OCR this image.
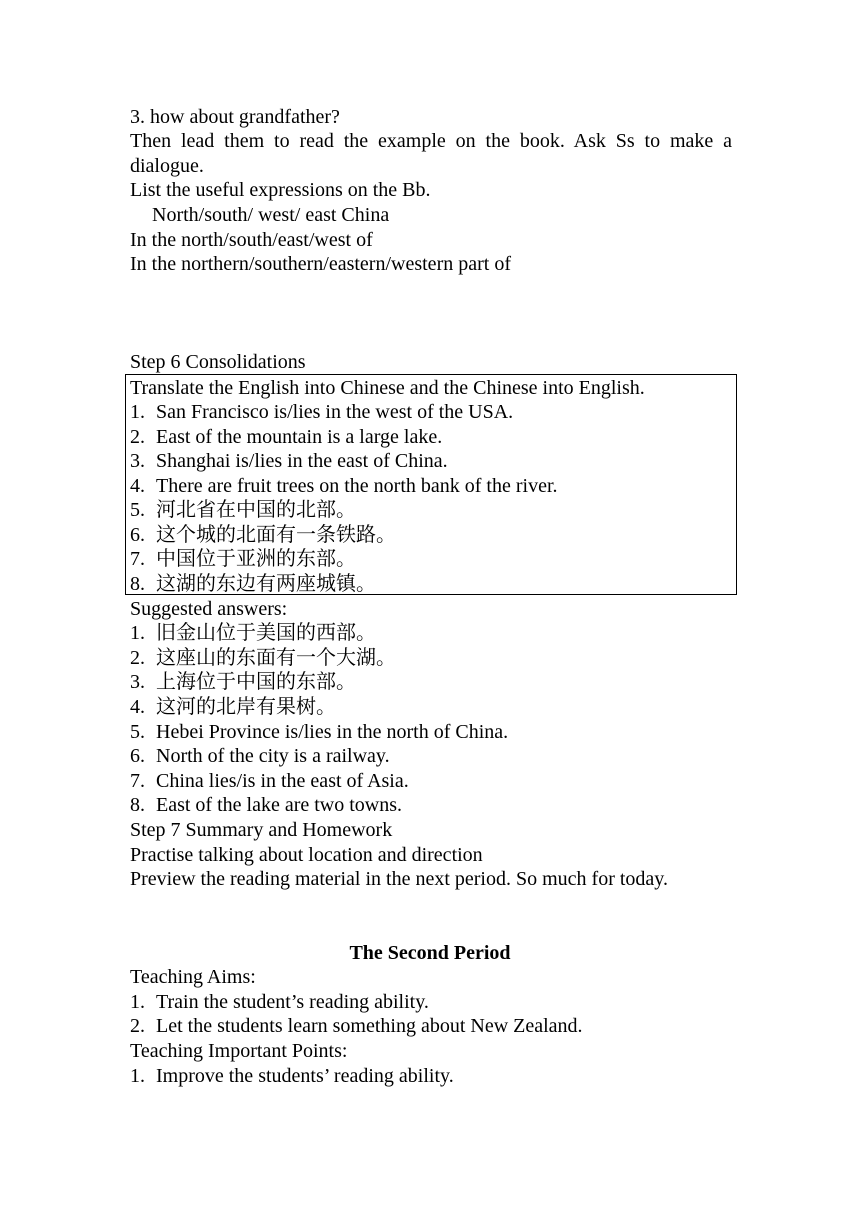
3. how about grandfather?
Then lead them to read the example on the book. Ask Ss to make a dialogue.
List the useful expressions on the Bb.
North/south/ west/ east China
In the north/south/east/west of
In the northern/southern/eastern/western part of
Step 6 Consolidations
Translate the English into Chinese and the Chinese into English.
1. San Francisco is/lies in the west of the USA.
2. East of the mountain is a large lake.
3. Shanghai is/lies in the east of China.
4. There are fruit trees on the north bank of the river.
5. 河北省在中国的北部。
6. 这个城的北面有一条铁路。
7. 中国位于亚洲的东部。
8. 这湖的东边有两座城镇。
Suggested answers:
1. 旧金山位于美国的西部。
2. 这座山的东面有一个大湖。
3. 上海位于中国的东部。
4. 这河的北岸有果树。
5. Hebei Province is/lies in the north of China.
6. North of the city is a railway.
7. China lies/is in the east of Asia.
8. East of the lake are two towns.
Step 7 Summary and Homework
Practise talking about location and direction
Preview the reading material in the next period. So much for today.
The Second Period
Teaching Aims:
1. Train the student’s reading ability.
2. Let the students learn something about New Zealand.
Teaching Important Points:
1. Improve the students’ reading ability.
